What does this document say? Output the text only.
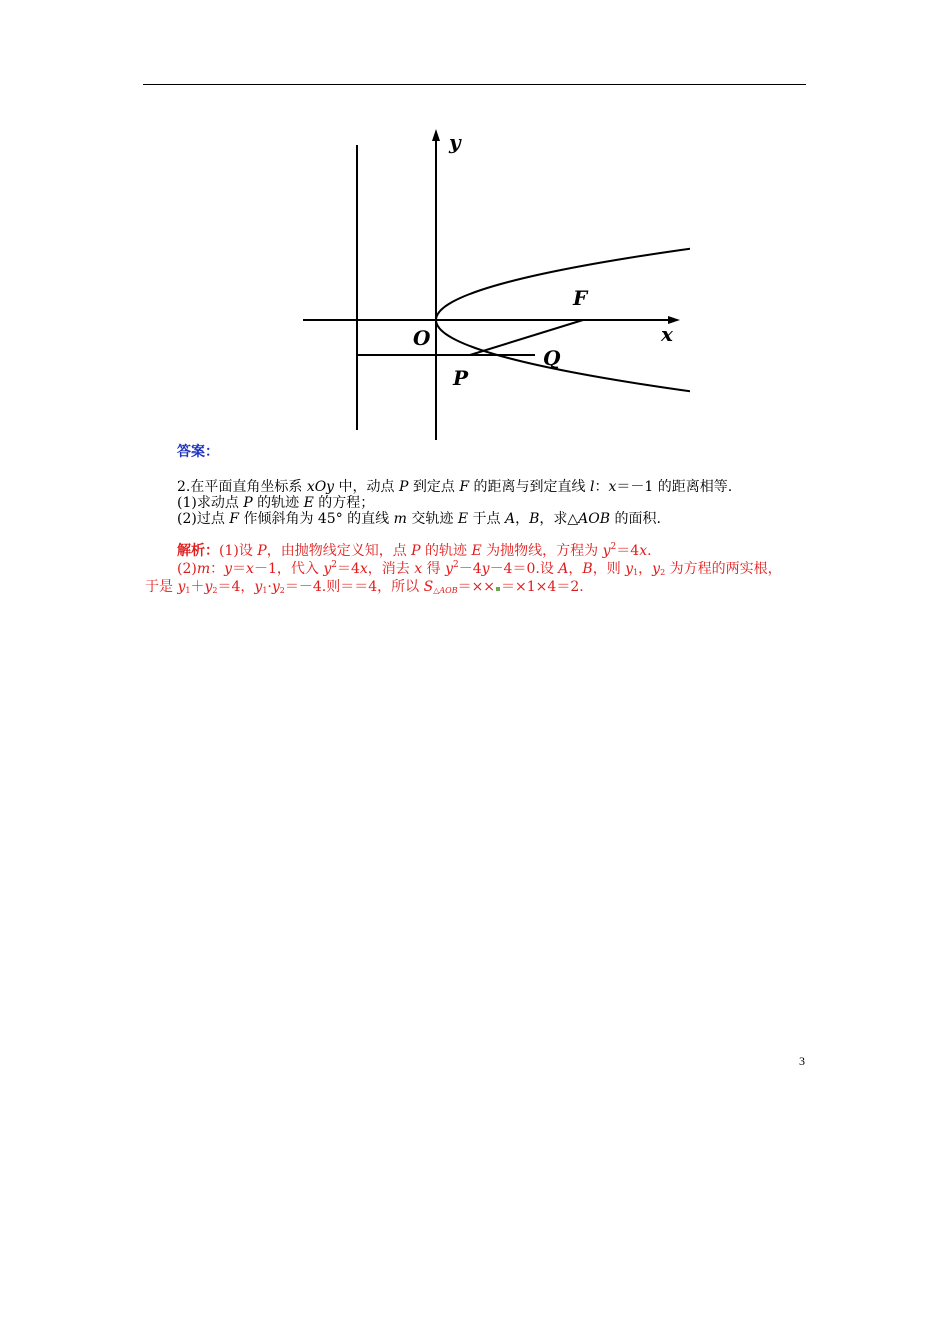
y
x
O
F
P
Q
答案：
2.在平面直角坐标系 xOy 中，动点 P 到定点 F 的距离与到定直线 l：x＝－1 的距离相等.
(1)求动点 P 的轨迹 E 的方程；
(2)过点 F 作倾斜角为 45° 的直线 m 交轨迹 E 于点 A，B，求△AOB 的面积.
解析：(1)设 P，由抛物线定义知，点 P 的轨迹 E 为抛物线，方程为 $y^2=4x$.
(2)m：y＝x－1，代入 $y^2=4x$，消去 x 得 $y^2-4y-4=0$.设 A，B，则 $y_1$，$y_2$ 为方程的两实根，
于是 $y_1+y_2=4$，$y_1\cdot y_2=-4$.则＝＝4，所以 $S_{\triangle AOB}=\times\times =\times 1\times 4=2$.
3
